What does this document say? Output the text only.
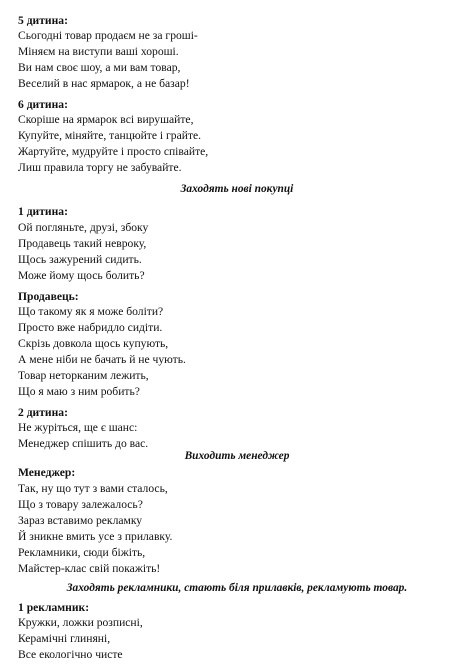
5 дитина:
Сьогодні товар продаєм не за гроші-
Міняєм на виступи ваші хороші.
Ви нам своє шоу, а ми вам товар,
Веселий в нас ярмарок, а не базар!
6 дитина:
Скоріше на ярмарок всі вирушайте,
Купуйте, міняйте, танцюйте і грайте.
Жартуйте, мудруйте і просто співайте,
Лиш правила торгу не забувайте.
Заходять нові покупці
1 дитина:
Ой погляньте, друзі, збоку
Продавець такий невроку,
Щось зажурений сидить.
Може йому щось болить?
Продавець:
Що такому як я може боліти?
Просто вже набридло сидіти.
Скрізь довкола щось купують,
А мене ніби не бачать й не чують.
Товар неторканим лежить,
Що я маю з ним робить?
2 дитина:
Не журіться, ще є шанс:
Менеджер спішить до вас.
Виходить менеджер
Менеджер:
Так, ну що тут з вами сталось,
Що з товару залежалось?
Зараз вставимо рекламку
Й зникне вмить усе з прилавку.
Рекламники, сюди біжіть,
Майстер-клас свій покажіть!
Заходять рекламники, стають біля прилавків, рекламують товар.
1 рекламник:
Кружки, ложки розписні,
Керамічні глиняні,
Все екологічно чисте
